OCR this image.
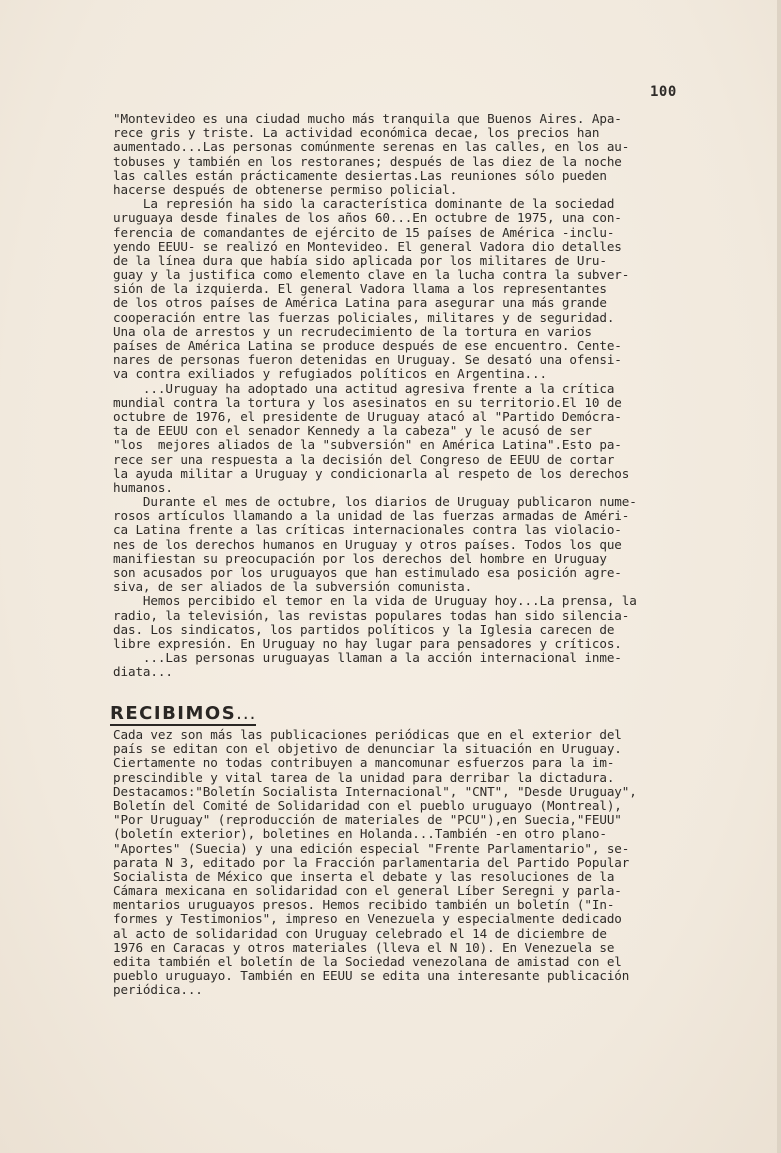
100
"Montevideo es una ciudad mucho más tranquila que Buenos Aires. Apa-
rece gris y triste. La actividad económica decae, los precios han
aumentado...Las personas comúnmente serenas en las calles, en los au-
tobuses y también en los restoranes; después de las diez de la noche
las calles están prácticamente desiertas.Las reuniones sólo pueden
hacerse después de obtenerse permiso policial.
La represión ha sido la característica dominante de la sociedad
uruguaya desde finales de los años 60...En octubre de 1975, una con-
ferencia de comandantes de ejército de 15 países de América -inclu-
yendo EEUU- se realizó en Montevideo. El general Vadora dio detalles
de la línea dura que había sido aplicada por los militares de Uru-
guay y la justifica como elemento clave en la lucha contra la subver-
sión de la izquierda. El general Vadora llama a los representantes
de los otros países de América Latina para asegurar una más grande
cooperación entre las fuerzas policiales, militares y de seguridad.
Una ola de arrestos y un recrudecimiento de la tortura en varios
países de América Latina se produce después de ese encuentro. Cente-
nares de personas fueron detenidas en Uruguay. Se desató una ofensi-
va contra exiliados y refugiados políticos en Argentina...
...Uruguay ha adoptado una actitud agresiva frente a la crítica
mundial contra la tortura y los asesinatos en su territorio.El 10 de
octubre de 1976, el presidente de Uruguay atacó al "Partido Demócra-
ta de EEUU con el senador Kennedy a la cabeza" y le acusó de ser
"los  mejores aliados de la "subversión" en América Latina".Esto pa-
rece ser una respuesta a la decisión del Congreso de EEUU de cortar
la ayuda militar a Uruguay y condicionarla al respeto de los derechos
humanos.
Durante el mes de octubre, los diarios de Uruguay publicaron nume-
rosos artículos llamando a la unidad de las fuerzas armadas de Améri-
ca Latina frente a las críticas internacionales contra las violacio-
nes de los derechos humanos en Uruguay y otros países. Todos los que
manifiestan su preocupación por los derechos del hombre en Uruguay
son acusados por los uruguayos que han estimulado esa posición agre-
siva, de ser aliados de la subversión comunista.
Hemos percibido el temor en la vida de Uruguay hoy...La prensa, la
radio, la televisión, las revistas populares todas han sido silencia-
das. Los sindicatos, los partidos políticos y la Iglesia carecen de
libre expresión. En Uruguay no hay lugar para pensadores y críticos.
...Las personas uruguayas llaman a la acción internacional inme-
diata...
RECIBIMOS...
Cada vez son más las publicaciones periódicas que en el exterior del
país se editan con el objetivo de denunciar la situación en Uruguay.
Ciertamente no todas contribuyen a mancomunar esfuerzos para la im-
prescindible y vital tarea de la unidad para derribar la dictadura.
Destacamos:"Boletín Socialista Internacional", "CNT", "Desde Uruguay",
Boletín del Comité de Solidaridad con el pueblo uruguayo (Montreal),
"Por Uruguay" (reproducción de materiales de "PCU"),en Suecia,"FEUU"
(boletín exterior), boletines en Holanda...También -en otro plano-
"Aportes" (Suecia) y una edición especial "Frente Parlamentario", se-
parata N 3, editado por la Fracción parlamentaria del Partido Popular
Socialista de México que inserta el debate y las resoluciones de la
Cámara mexicana en solidaridad con el general Líber Seregni y parla-
mentarios uruguayos presos. Hemos recibido también un boletín ("In-
formes y Testimonios", impreso en Venezuela y especialmente dedicado
al acto de solidaridad con Uruguay celebrado el 14 de diciembre de
1976 en Caracas y otros materiales (lleva el N 10). En Venezuela se
edita también el boletín de la Sociedad venezolana de amistad con el
pueblo uruguayo. También en EEUU se edita una interesante publicación
periódica...
